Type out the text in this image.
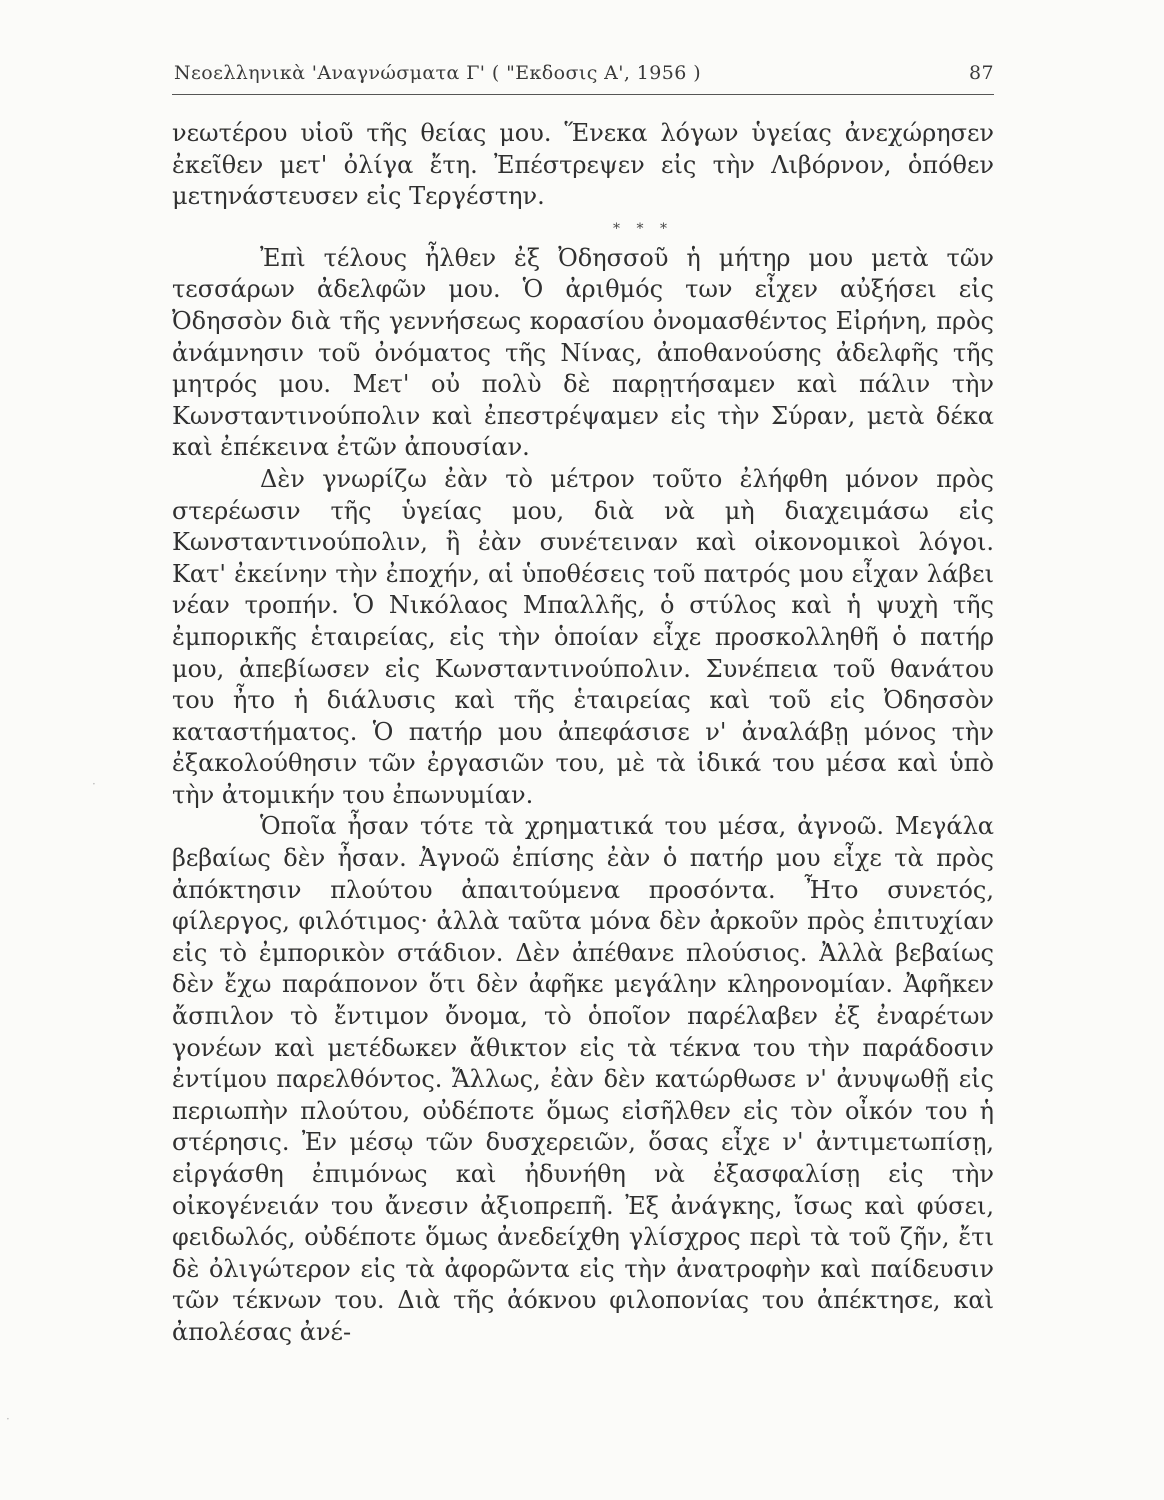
Νεοελληνικὰ 'Αναγνώσματα Γ' ( "Εκδοσις Α', 1956 )	87

νεωτέρου υἱοῦ τῆς θείας μου. Ἕνεκα λόγων ὑγείας ἀνεχώρησεν ἐκεῖθεν μετ' ὀλίγα ἔτη. Ἐπέστρεψεν εἰς τὴν Λιβόρνον, ὁπόθεν μετηνάστευσεν εἰς Τεργέστην.

* * *

Ἐπὶ τέλους ἦλθεν ἐξ Ὀδησσοῦ ἡ μήτηρ μου μετὰ τῶν τεσσάρων ἀδελφῶν μου. Ὁ ἀριθμός των εἶχεν αὐξήσει εἰς Ὀδησσὸν διὰ τῆς γεννήσεως κορασίου ὀνομασθέντος Εἰρήνη, πρὸς ἀνάμνησιν τοῦ ὀνόματος τῆς Νίνας, ἀποθανούσης ἀδελφῆς τῆς μητρός μου. Μετ' οὐ πολὺ δὲ παρῃτήσαμεν καὶ πάλιν τὴν Κωνσταντινούπολιν καὶ ἐπεστρέψαμεν εἰς τὴν Σύραν, μετὰ δέκα καὶ ἐπέκεινα ἐτῶν ἀπουσίαν.

Δὲν γνωρίζω ἐὰν τὸ μέτρον τοῦτο ἐλήφθη μόνον πρὸς στερέωσιν τῆς ὑγείας μου, διὰ νὰ μὴ διαχειμάσω εἰς Κωνσταντινούπολιν, ἢ ἐὰν συνέτειναν καὶ οἰκονομικοὶ λόγοι. Κατ' ἐκείνην τὴν ἐποχήν, αἱ ὑποθέσεις τοῦ πατρός μου εἶχαν λάβει νέαν τροπήν. Ὁ Νικόλαος Μπαλλῆς, ὁ στύλος καὶ ἡ ψυχὴ τῆς ἐμπορικῆς ἑταιρείας, εἰς τὴν ὁποίαν εἶχε προσκολληθῆ ὁ πατήρ μου, ἀπεβίωσεν εἰς Κωνσταντινούπολιν. Συνέπεια τοῦ θανάτου του ἦτο ἡ διάλυσις καὶ τῆς ἑταιρείας καὶ τοῦ εἰς Ὀδησσὸν καταστήματος. Ὁ πατήρ μου ἀπεφάσισε ν' ἀναλάβῃ μόνος τὴν ἐξακολούθησιν τῶν ἐργασιῶν του, μὲ τὰ ἰδικά του μέσα καὶ ὑπὸ τὴν ἀτομικήν του ἐπωνυμίαν.

Ὁποῖα ἦσαν τότε τὰ χρηματικά του μέσα, ἀγνοῶ. Μεγάλα βεβαίως δὲν ἦσαν. Ἀγνοῶ ἐπίσης ἐὰν ὁ πατήρ μου εἶχε τὰ πρὸς ἀπόκτησιν πλούτου ἀπαιτούμενα προσόντα. Ἦτο συνετός, φίλεργος, φιλότιμος· ἀλλὰ ταῦτα μόνα δὲν ἀρκοῦν πρὸς ἐπιτυχίαν εἰς τὸ ἐμπορικὸν στάδιον. Δὲν ἀπέθανε πλούσιος. Ἀλλὰ βεβαίως δὲν ἔχω παράπονον ὅτι δὲν ἀφῆκε μεγάλην κληρονομίαν. Ἀφῆκεν ἄσπιλον τὸ ἔντιμον ὄνομα, τὸ ὁποῖον παρέλαβεν ἐξ ἐναρέτων γονέων καὶ μετέδωκεν ἄθικτον εἰς τὰ τέκνα του τὴν παράδοσιν ἐντίμου παρελθόντος. Ἄλλως, ἐὰν δὲν κατώρθωσε ν' ἀνυψωθῇ εἰς περιωπὴν πλούτου, οὐδέποτε ὅμως εἰσῆλθεν εἰς τὸν οἶκόν του ἡ στέρησις. Ἐν μέσῳ τῶν δυσχερειῶν, ὅσας εἶχε ν' ἀντιμετωπίσῃ, εἰργάσθη ἐπιμόνως καὶ ἠδυνήθη νὰ ἐξασφαλίσῃ εἰς τὴν οἰκογένειάν του ἄνεσιν ἀξιοπρεπῆ. Ἐξ ἀνάγκης, ἴσως καὶ φύσει, φειδωλός, οὐδέποτε ὅμως ἀνεδείχθη γλίσχρος περὶ τὰ τοῦ ζῆν, ἔτι δὲ ὀλιγώτερον εἰς τὰ ἀφορῶντα εἰς τὴν ἀνατροφὴν καὶ παίδευσιν τῶν τέκνων του. Διὰ τῆς ἀόκνου φιλοπονίας του ἀπέκτησε, καὶ ἀπολέσας ἀνέ-

·
·
